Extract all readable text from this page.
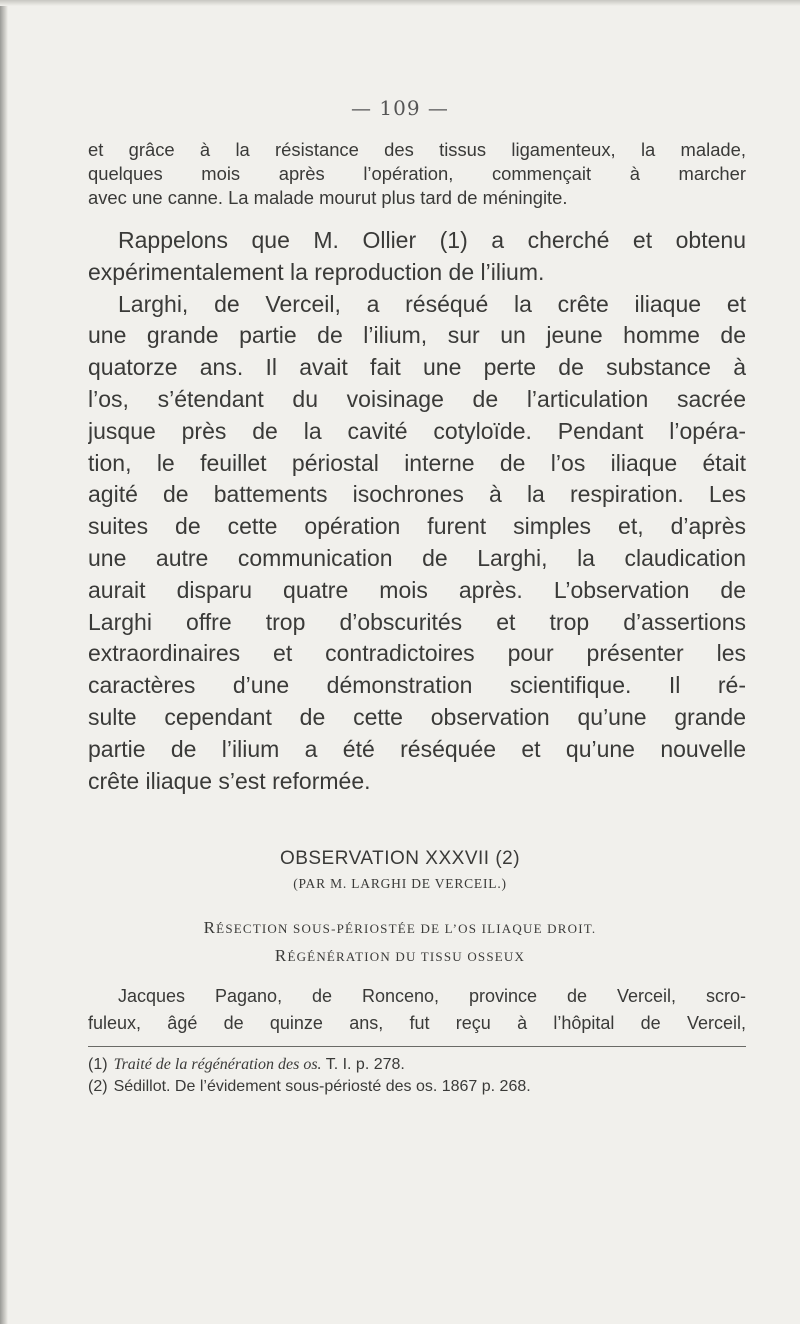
— 109 —
et grâce à la résistance des tissus ligamenteux, la malade,
quelques mois après l’opération, commençait à marcher
avec une canne. La malade mourut plus tard de méningite.
Rappelons que M. Ollier (1) a cherché et obtenu
expérimentalement la reproduction de l’ilium.
Larghi, de Verceil, a réséqué la crête iliaque et
une grande partie de l’ilium, sur un jeune homme de
quatorze ans. Il avait fait une perte de substance à
l’os, s’étendant du voisinage de l’articulation sacrée
jusque près de la cavité cotyloïde. Pendant l’opéra-
tion, le feuillet périostal interne de l’os iliaque était
agité de battements isochrones à la respiration. Les
suites de cette opération furent simples et, d’après
une autre communication de Larghi, la claudication
aurait disparu quatre mois après. L’observation de
Larghi offre trop d’obscurités et trop d’assertions
extraordinaires et contradictoires pour présenter les
caractères d’une démonstration scientifique. Il ré-
sulte cependant de cette observation qu’une grande
partie de l’ilium a été réséquée et qu’une nouvelle
crête iliaque s’est reformée.
OBSERVATION XXXVII (2)
(PAR M. LARGHI DE VERCEIL.)
RÉSECTION SOUS-PÉRIOSTÉE DE L’OS ILIAQUE DROIT.
RÉGÉNÉRATION DU TISSU OSSEUX
Jacques Pagano, de Ronceno, province de Verceil, scro-
fuleux, âgé de quinze ans, fut reçu à l’hôpital de Verceil,
(1) Traité de la régénération des os. T. I. p. 278.
(2) Sédillot. De l’évidement sous-périosté des os. 1867 p. 268.
